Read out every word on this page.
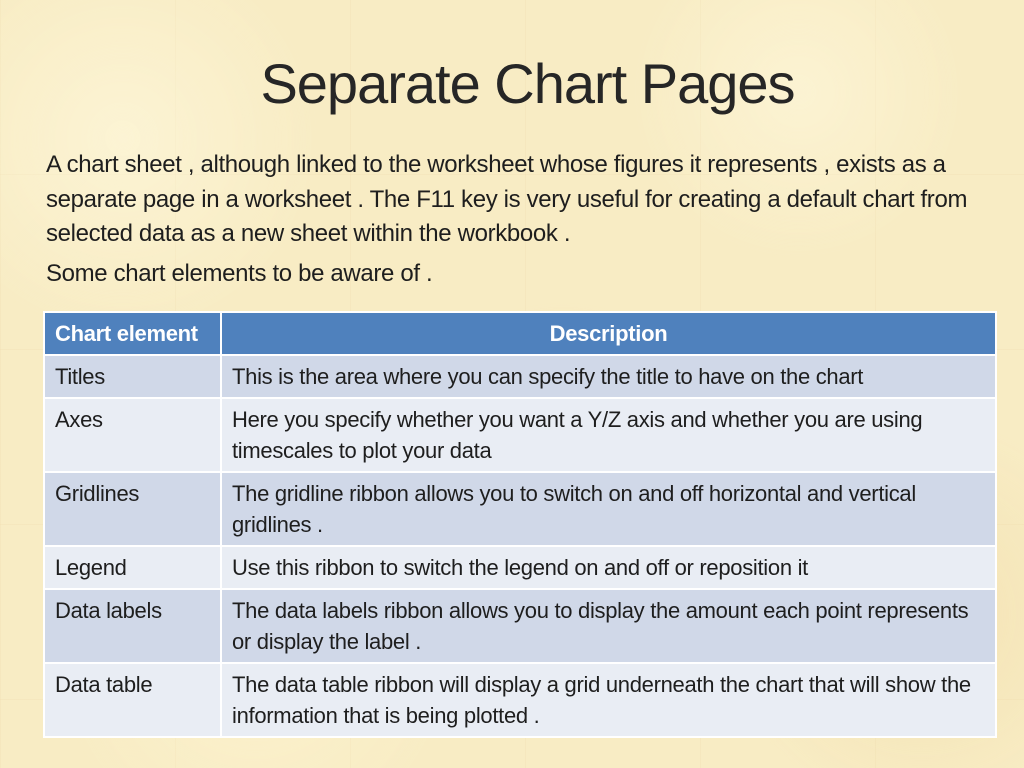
Separate Chart Pages

A chart sheet , although linked to the worksheet whose figures it represents , exists as a separate page in a worksheet . The F11 key is very useful for creating a default chart from selected data as a new sheet within the workbook .

Some chart elements to be aware of .

Chart element	Description
Titles	This is the area where you can specify the title to have on the chart
Axes	Here you specify whether you want a Y/Z axis and whether you are using timescales to plot your data
Gridlines	The gridline ribbon allows you to switch on and off horizontal and vertical gridlines .
Legend	Use this ribbon to switch the legend on and off or reposition it
Data labels	The data labels ribbon allows you to display the amount each point represents or display the label .
Data table	The data table ribbon will display a grid underneath the chart that will show the information that is being plotted .
